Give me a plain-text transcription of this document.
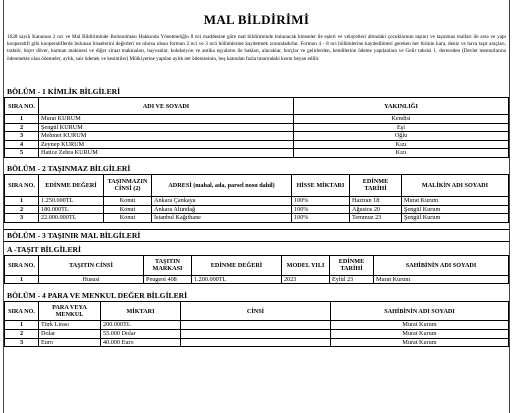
MAL BİLDİRİMİ
1628 sayılı Kanunun 2 nci ve Mal Bildiriminde Bulunulması Hakkında Yönetmeliğin 8 nci maddesine göre mal bildiriminde bulunacak kimseler ile eşleri ve velayetleri altındaki çocuklarının taşınır ve taşınmaz malları ile arsa ve yapı kooperatifi gibi kooperatiflerde bulunan hisselerini değerleri ne olursa olsun formun 2 nci ve 3 ncü bölümlerine kaydetmek zorundadırlar. Formun 4 - 8 nci bölümlerine kaydedilmesi gereken her birinin kara, deniz ve hava taşıt araçları, traktör, biçer döver, harman makinesi ve diğer ziraat makinaları, hayvanlar, koleksiyon ve antika eşyaların ile hakları, alacaklar, borçlar ve gelirlerden, kendilerine ödeme yapılanlara ve Gelir tahsisi 1. dereceden (Devlet memurlarına ödenmekte olan ödemeler, aylık, sair ödenek ve kesintiler) Mülkiyetine yapılan aylık net ödemesinin, beş katından fazla tutarındaki kısmı beyan edilir.
BÖLÜM - 1 KİMLİK BİLGİLERİ
SIRA NO.	ADI VE SOYADI	YAKINLIĞI
1	Murat KURUM	Kendisi
2	Şengül KURUM	Eşi
3	Mehmet KURUM	Oğlu
4	Zeynep KURUM	Kızı
5	Hatice Zehra KURUM	Kızı
BÖLÜM - 2 TAŞINMAZ BİLGİLERİ
SIRA NO.	EDİNME DEĞERİ	TAŞINMAZIN CİNSİ (2)	ADRESİ (mahal, ada, parsel nosu dahil)	HİSSE MİKTARI	EDİNME TARİHİ	MALİKİN ADI SOYADI
1	1.250.000TL	Konut	Ankara Çankaya	100%	Haziran 18	Murat Kurum
2	180.000TL	Konut	Ankara Altındağ	100%	Ağustos 20	Şengül Kurum
3	22.000.000TL	Konut	İstanbul Kağıthane	100%	Temmuz 23	Şengül Kurum
BÖLÜM - 3 TAŞINIR MAL BİLGİLERİ
A -TAŞIT BİLGİLERİ
SIRA NO.	TAŞITIN CİNSİ	TAŞITIN MARKASI	EDİNME DEĞERİ	MODEL YILI	EDİNME TARİHİ	SAHİBİNİN ADI SOYADI
1	Hususi	Peugeot 408	1.200.000TL	2023	Eylül 23	Murat Kurum
BÖLÜM - 4 PARA VE MENKUL DEĞER BİLGİLERİ
SIRA NO.	PARA VEYA MENKUL	MİKTARI	CİNSİ	SAHİBİNİN ADI SOYADI
1	Türk Lirası	200.000TL		Murat Kurum
2	Dolar	55.000 Dolar		Murat Kurum
3	Euro	40.000 Euro		Murat Kurum
